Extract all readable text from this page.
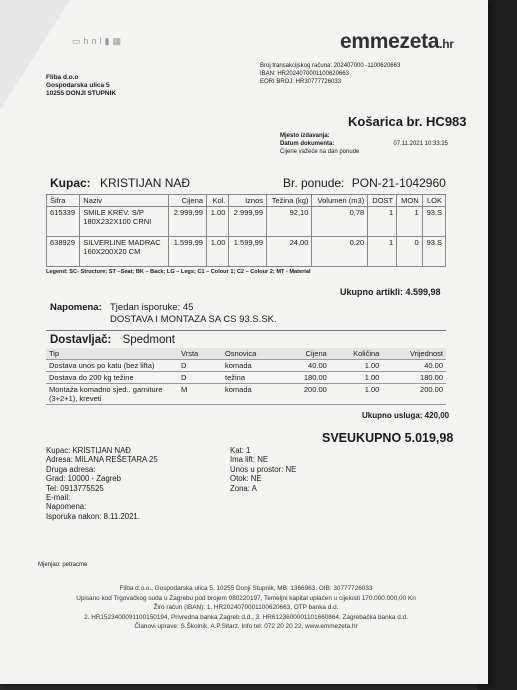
▭hnl▮▦	emmezeta.hr
Fliba d.o.o
Gospodarska ulica 5
10255 DONJI STUPNIK
Broj transakcijskog računa: 202407000 -1100620663
IBAN: HR2024070001100620663
EORI BROJ: HR30777726033
Košarica br. HC983
Mjesto izdavanja:
Datum dokumenta:	07.11.2021 10:33:25
Cijene važeće na dan ponude
Kupac: KRISTIJAN NAĐ	Br. ponude: PON-21-1042960
Šifra	Naziv	Cijena	Kol.	Iznos	Težina (kg)	Volumen (m3)	DOST	MON	LOK
615339	SMILE KREV. S/P 180X232X100 CRNI	2.999,99	1.00	2.999,99	92,10	0,78	1	1	93.S
638929	SILVERLINE MADRAC 160X200X20 CM	1.599,99	1.00	1.599,99	24,00	0,20	1	0	93.S
Legend: SC- Structure; ST –Seat; BK – Back; LG – Legs; C1 – Colour 1; C2 – Colour 2; MT - Material
Ukupno artikli: 4.599,98
Napomena: Tjedan isporuke: 45
DOSTAVA I MONTAZA SA CS 93.S.SK.
Dostavljač: Spedmont
Tip	Vrsta	Osnovica	Cijena	Količina	Vrijednost
Dostava unos po katu (bez lifta)	D	komada	40.00	1.00	40.00
Dostava do 200 kg težine	D	težina	180.00	1.00	180.00
Montaža komadno sjed.. garniture (3+2+1), kreveti	M	komada	200.00	1.00	200.00
Ukupno usluga: 420,00
SVEUKUPNO 5.019,98
Kupac: KRISTIJAN NAĐ
Adresa: MILANA REŠETARA 25
Druga adresa:
Grad: 10000 - Zagreb
Tel: 0913775525
E-mail:
Napomena:
Isporuka nakon: 8.11.2021.
Kat: 1
Ima lift: NE
Unos u prostor: NE
Otok: NE
Zona: A
Mjenjao: petracme
Fliba d.o.o., Gospodarska ulica 5, 10255 Donji Stupnik, MB: 1366963, OIB: 30777726033
Upisano kod Trgovačkog suda u Zagrebu pod brojem 080220197, Temeljni kapital uplaćen u cijelosti 170.000.000,00 Kn
Žiro račun (IBAN): 1. HR2024070001100620663, OTP banka d.d.
2. HR1523400091100150194, Privredna banka Zagreb d.d., 3. HR6123600001101660864, Zagrebačka banka d.d.
Članovi uprave: S.Školnik, A.P.Sitarz, Info tel: 072 20 20 22, www.emmezeta.hr
